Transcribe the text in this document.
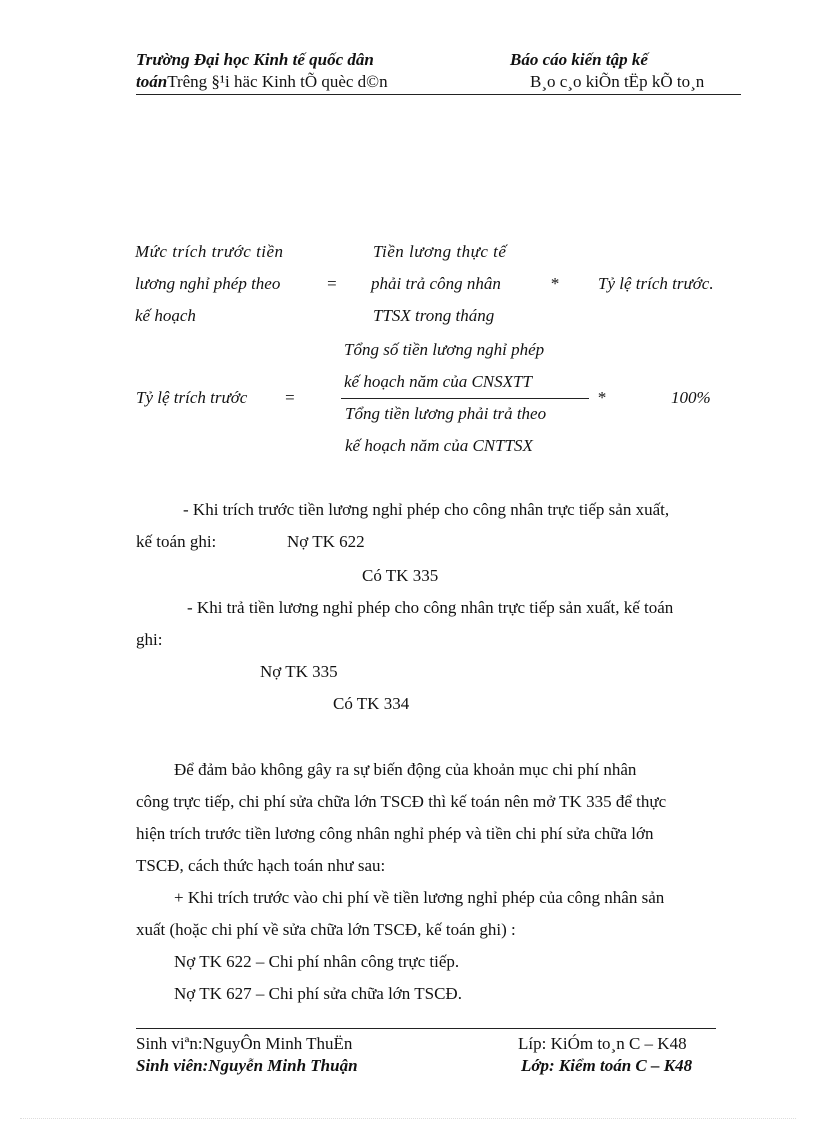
Trường Đại học Kinh tế quốc dân	Báo cáo kiến tập kế
toánTrêng §¹i häc Kinh tÕ quèc d©n	B¸o c¸o kiÕn tËp kÕ to¸n
Mức trích trước tiền
lương nghỉ phép theo
kế hoạch
=
Tiền lương thực tế
phải trả công nhân
TTSX trong tháng
* Tỷ lệ trích trước.
Tổng số tiền lương nghỉ phép
kế hoạch năm của CNSXTT
Tỷ lệ trích trước =	*	100%
Tổng tiền lương phải trả theo
kế hoạch năm của CNTTSX
- Khi trích trước tiền lương nghỉ phép cho công nhân trực tiếp sản xuất,
kế toán ghi:	Nợ TK 622
Có TK 335
- Khi trả tiền lương nghỉ phép cho công nhân trực tiếp sản xuất, kế toán
ghi:
Nợ TK 335
Có TK 334
Để đảm bảo không gây ra sự biến động của khoản mục chi phí nhân
công trực tiếp, chi phí sửa chữa lớn TSCĐ thì kế toán nên mở TK 335 để thực
hiện trích trước tiền lương công nhân nghỉ phép và tiền chi phí sửa chữa lớn
TSCĐ, cách thức hạch toán như sau:
+ Khi trích trước vào chi phí về tiền lương nghỉ phép của công nhân sản
xuất (hoặc chi phí về sửa chữa lớn TSCĐ, kế toán ghi) :
Nợ TK 622 – Chi phí nhân công trực tiếp.
Nợ TK 627 – Chi phí sửa chữa lớn TSCĐ.
Sinh viªn:NguyÔn Minh ThuËn	Líp: KiÓm to¸n C – K48
Sinh viên:Nguyễn Minh Thuận	Lớp: Kiểm toán C – K48
